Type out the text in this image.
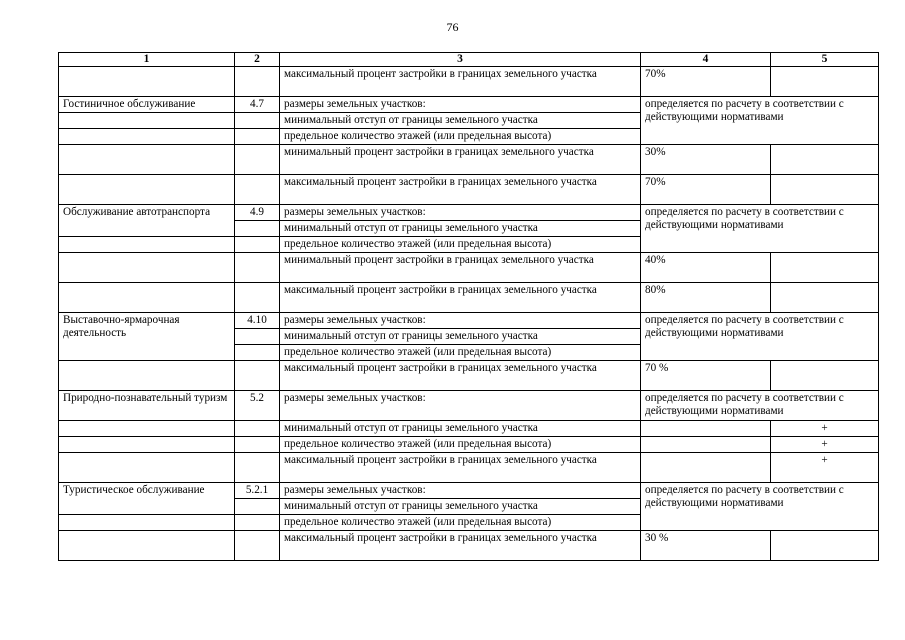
76
1	2	3	4	5
		максимальный процент застройки в границах земельного участка	70%	
Гостиничное обслуживание	4.7	размеры земельных участков:	определяется по расчету в соответствии с действующими нормативами	
		минимальный отступ от границы земельного участка		
		предельное количество этажей (или предельная высота)		
		минимальный процент застройки в границах земельного участка	30%	
		максимальный процент застройки в границах земельного участка	70%	
Обслуживание автотранспорта	4.9	размеры земельных участков:	определяется по расчету в соответствии с действующими нормативами	
		минимальный отступ от границы земельного участка		
		предельное количество этажей (или предельная высота)		
		минимальный процент застройки в границах земельного участка	40%	
		максимальный процент застройки в границах земельного участка	80%	
Выставочно-ярмарочная деятельность	4.10	размеры земельных участков:	определяется по расчету в соответствии с действующими нормативами	
		минимальный отступ от границы земельного участка		
		предельное количество этажей (или предельная высота)		
		максимальный процент застройки в границах земельного участка	70 %	
Природно-познавательный туризм	5.2	размеры земельных участков:	определяется по расчету в соответствии с действующими нормативами	
		минимальный отступ от границы земельного участка		+
		предельное количество этажей (или предельная высота)		+
		максимальный процент застройки в границах земельного участка		+
Туристическое обслуживание	5.2.1	размеры земельных участков:	определяется по расчету в соответствии с действующими нормативами	
		минимальный отступ от границы земельного участка		
		предельное количество этажей (или предельная высота)		
		максимальный процент застройки в границах земельного участка	30 %	
